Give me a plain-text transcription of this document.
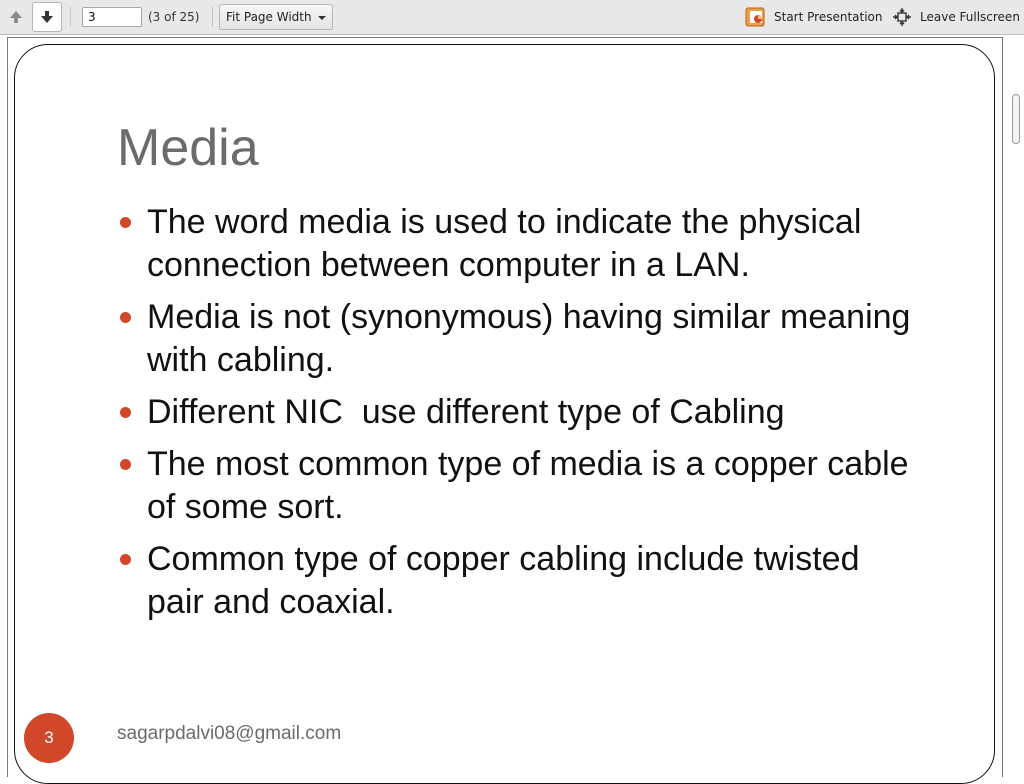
3
(3 of 25) Fit Page Width	Start Presentation	Leave Fullscreen
Media
The word media is used to indicate the physical connection between computer in a LAN.
Media is not (synonymous) having similar meaning with cabling.
Different NIC  use different type of Cabling
The most common type of media is a copper cable of some sort.
Common type of copper cabling include twisted pair and coaxial.
3	sagarpdalvi08@gmail.com
